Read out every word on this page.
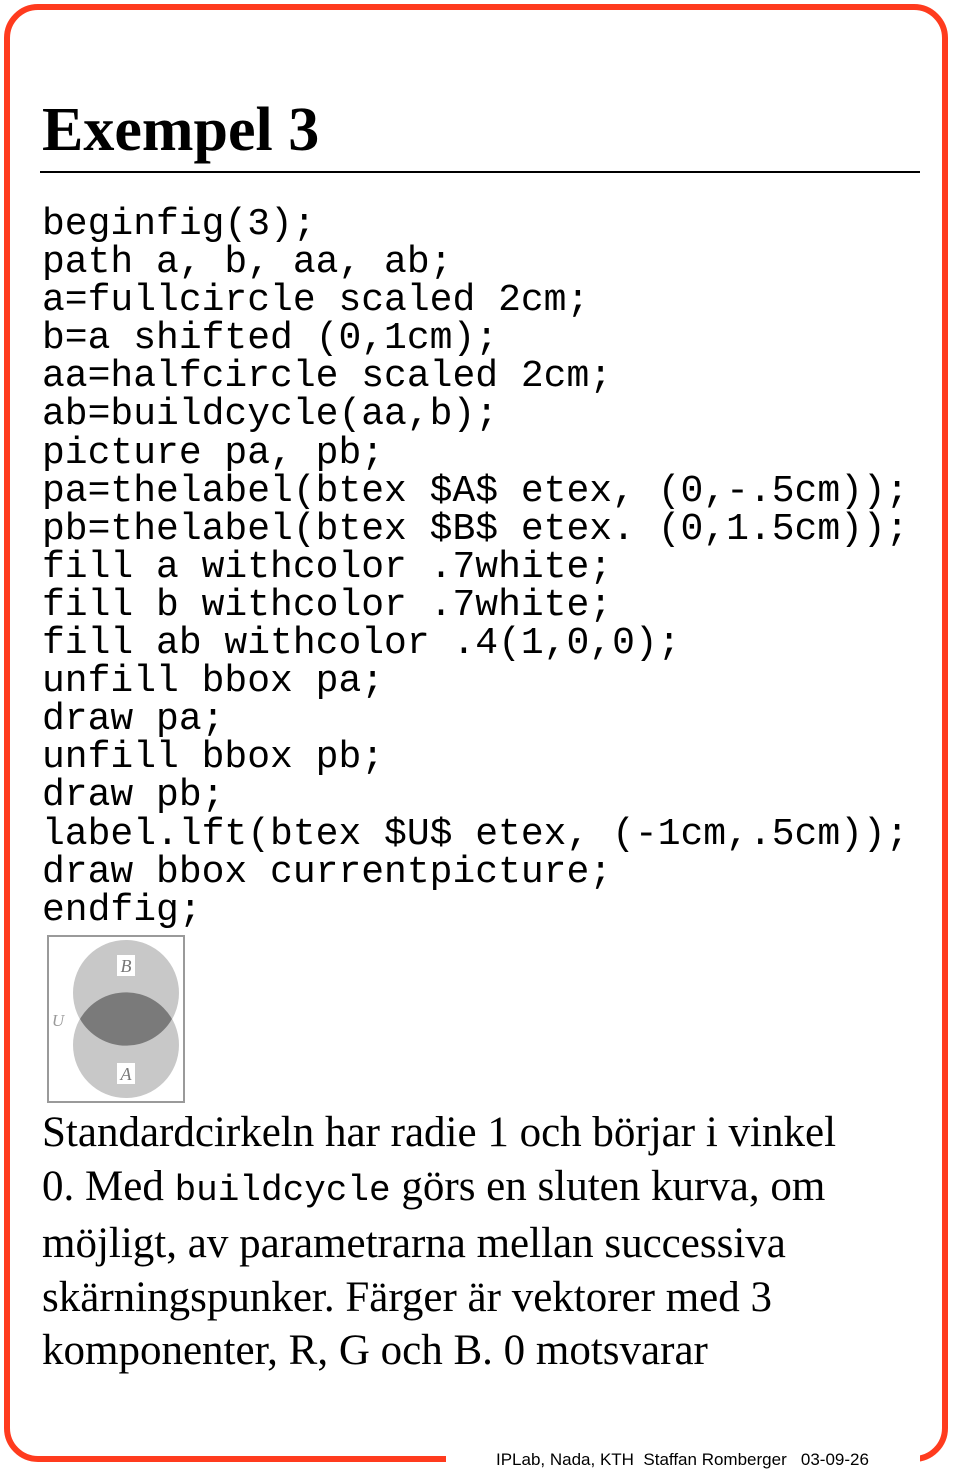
Exempel 3
beginfig(3);
path a, b, aa, ab;
a=fullcircle scaled 2cm;
b=a shifted (0,1cm);
aa=halfcircle scaled 2cm;
ab=buildcycle(aa,b);
picture pa, pb;
pa=thelabel(btex $A$ etex, (0,-.5cm));
pb=thelabel(btex $B$ etex. (0,1.5cm));
fill a withcolor .7white;
fill b withcolor .7white;
fill ab withcolor .4(1,0,0);
unfill bbox pa;
draw pa;
unfill bbox pb;
draw pb;
label.lft(btex $U$ etex, (-1cm,.5cm));
draw bbox currentpicture;
endfig;
B
A
U
Standardcirkeln har radie 1 och börjar i vinkel
0. Med buildcycle görs en sluten kurva, om
möjligt, av parametrarna mellan successiva
skärningspunker. Färger är vektorer med 3
komponenter, R, G och B. 0 motsvarar

IPLab, Nada, KTH  Staffan Romberger   03-09-26
